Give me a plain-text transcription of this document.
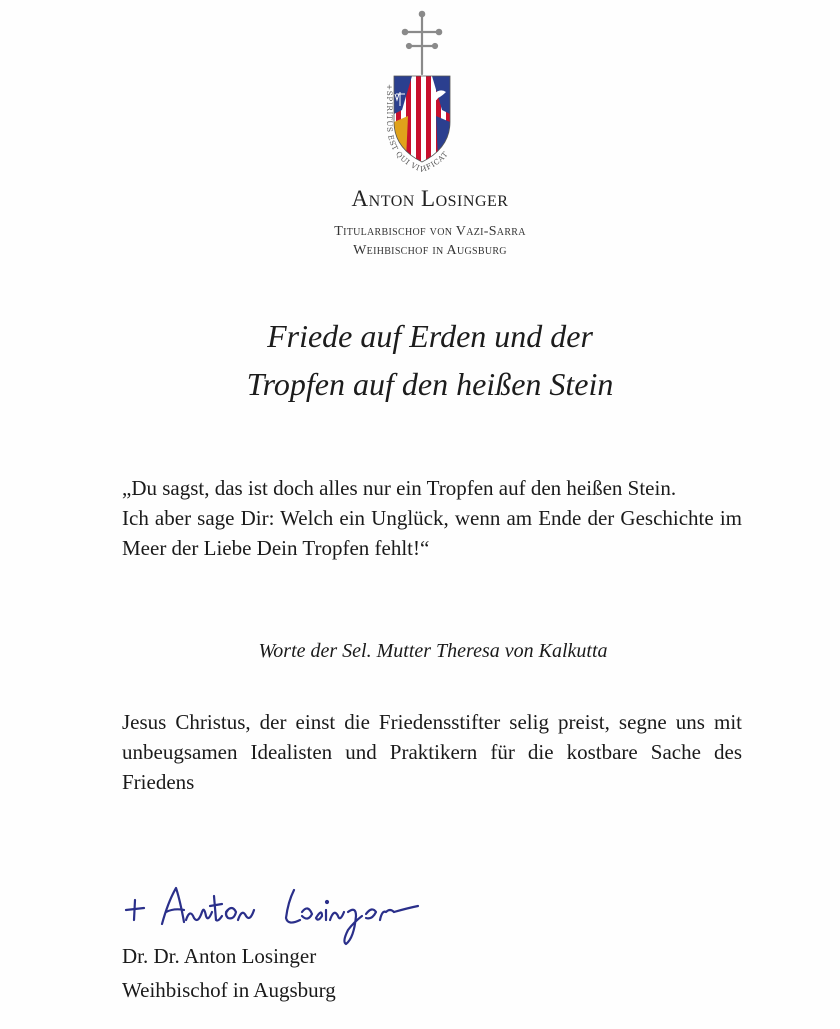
+SPIRITUS EST QUI VIVIFICAT
Anton Losinger
Titularbischof von Vazi-Sarra
Weihbischof in Augsburg
Friede auf Erden und der
Tropfen auf den heißen Stein

„Du sagst, das ist doch alles nur ein Tropfen auf den heißen Stein.

Ich aber sage Dir: Welch ein Unglück, wenn am Ende der Geschichte im Meer der Liebe Dein Tropfen fehlt!“

Worte der Sel. Mutter Theresa von Kalkutta

Jesus Christus, der einst die Friedensstifter selig preist, segne uns mit unbeugsamen Idealisten und Praktikern für die kostbare Sache des Friedens

Dr. Dr. Anton Losinger
Weihbischof in Augsburg
